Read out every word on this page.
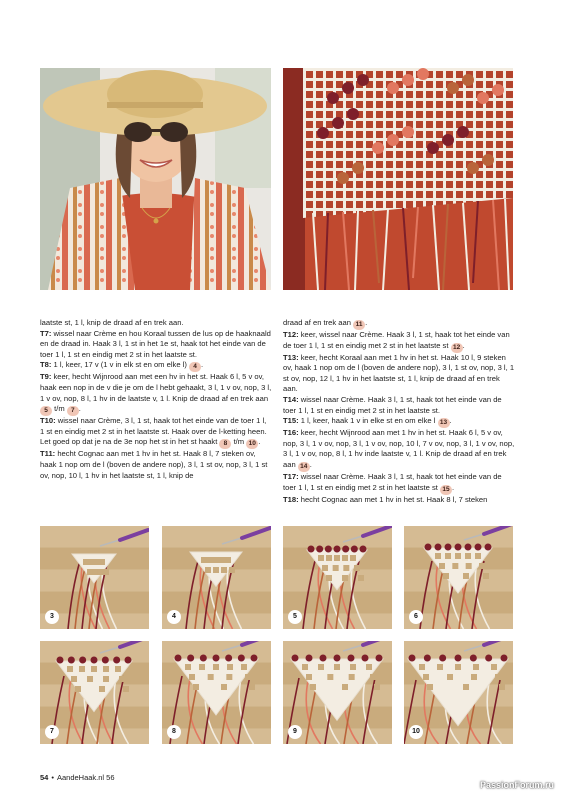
laatste st, 1 l, knip de draad af en trek aan.

T7: wissel naar Crème en hou Koraal tussen de lus op de haaknaald en de draad in. Haak 3 l, 1 st in het 1e st, haak tot het einde van de toer 1 l, 1 st en eindig met 2 st in het laatste st.

T8: 1 l, keer, 17 v (1 v in elk st en om elke l) 4 .

T9: keer, hecht Wijnrood aan met een hv in het st. Haak 6 l, 5 v ov, haak een nop in de v die je om de l hebt gehaakt, 3 l, 1 v ov, nop, 3 l, 1 v ov, nop, 8 l, 1 hv in de laatste v, 1 l. Knip de draad af en trek aan 5 t/m 7 .

T10: wissel naar Crème, 3 l, 1 st, haak tot het einde van de toer 1 l, 1 st en eindig met 2 st in het laatste st. Haak over de l-ketting heen. Let goed op dat je na de 3e nop het st in het st haakt 8 t/m 10 .

T11: hecht Cognac aan met 1 hv in het st. Haak 8 l, 7 steken ov, haak 1 nop om de l (boven de andere nop), 3 l, 1 st ov, nop, 3 l, 1 st ov, nop, 10 l, 1 hv in het laatste st, 1 l, knip de

draad af en trek aan 11 .

T12: keer, wissel naar Crème. Haak 3 l, 1 st, haak tot het einde van de toer 1 l, 1 st en eindig met 2 st in het laatste st 12 .

T13: keer, hecht Koraal aan met 1 hv in het st. Haak 10 l, 9 steken ov, haak 1 nop om de l (boven de andere nop), 3 l, 1 st ov, nop, 3 l, 1 st ov, nop, 12 l, 1 hv in het laatste st, 1 l, knip de draad af en trek aan.

T14: wissel naar Crème. Haak 3 l, 1 st, haak tot het einde van de toer 1 l, 1 st en eindig met 2 st in het laatste st.

T15: 1 l, keer, haak 1 v in elke st en om elke l 13 .

T16: keer, hecht Wijnrood aan met 1 hv in het st. Haak 6 l, 5 v ov, nop, 3 l, 1 v ov, nop, 3 l, 1 v ov, nop, 10 l, 7 v ov, nop, 3 l, 1 v ov, nop, 3 l, 1 v ov, nop, 8 l, 1 hv inde laatste v, 1 l. Knip de draad af en trek aan 14 .

T17: wissel naar Crème. Haak 3 l, 1 st, haak tot het einde van de toer 1 l, 1 st en eindig met 2 st in het laatste st 15 .

T18: hecht Cognac aan met 1 hv in het st. Haak 8 l, 7 steken

3	4	5	6
7	8	9	10
54 • AandeHaak.nl 56
PassionForum.ru
